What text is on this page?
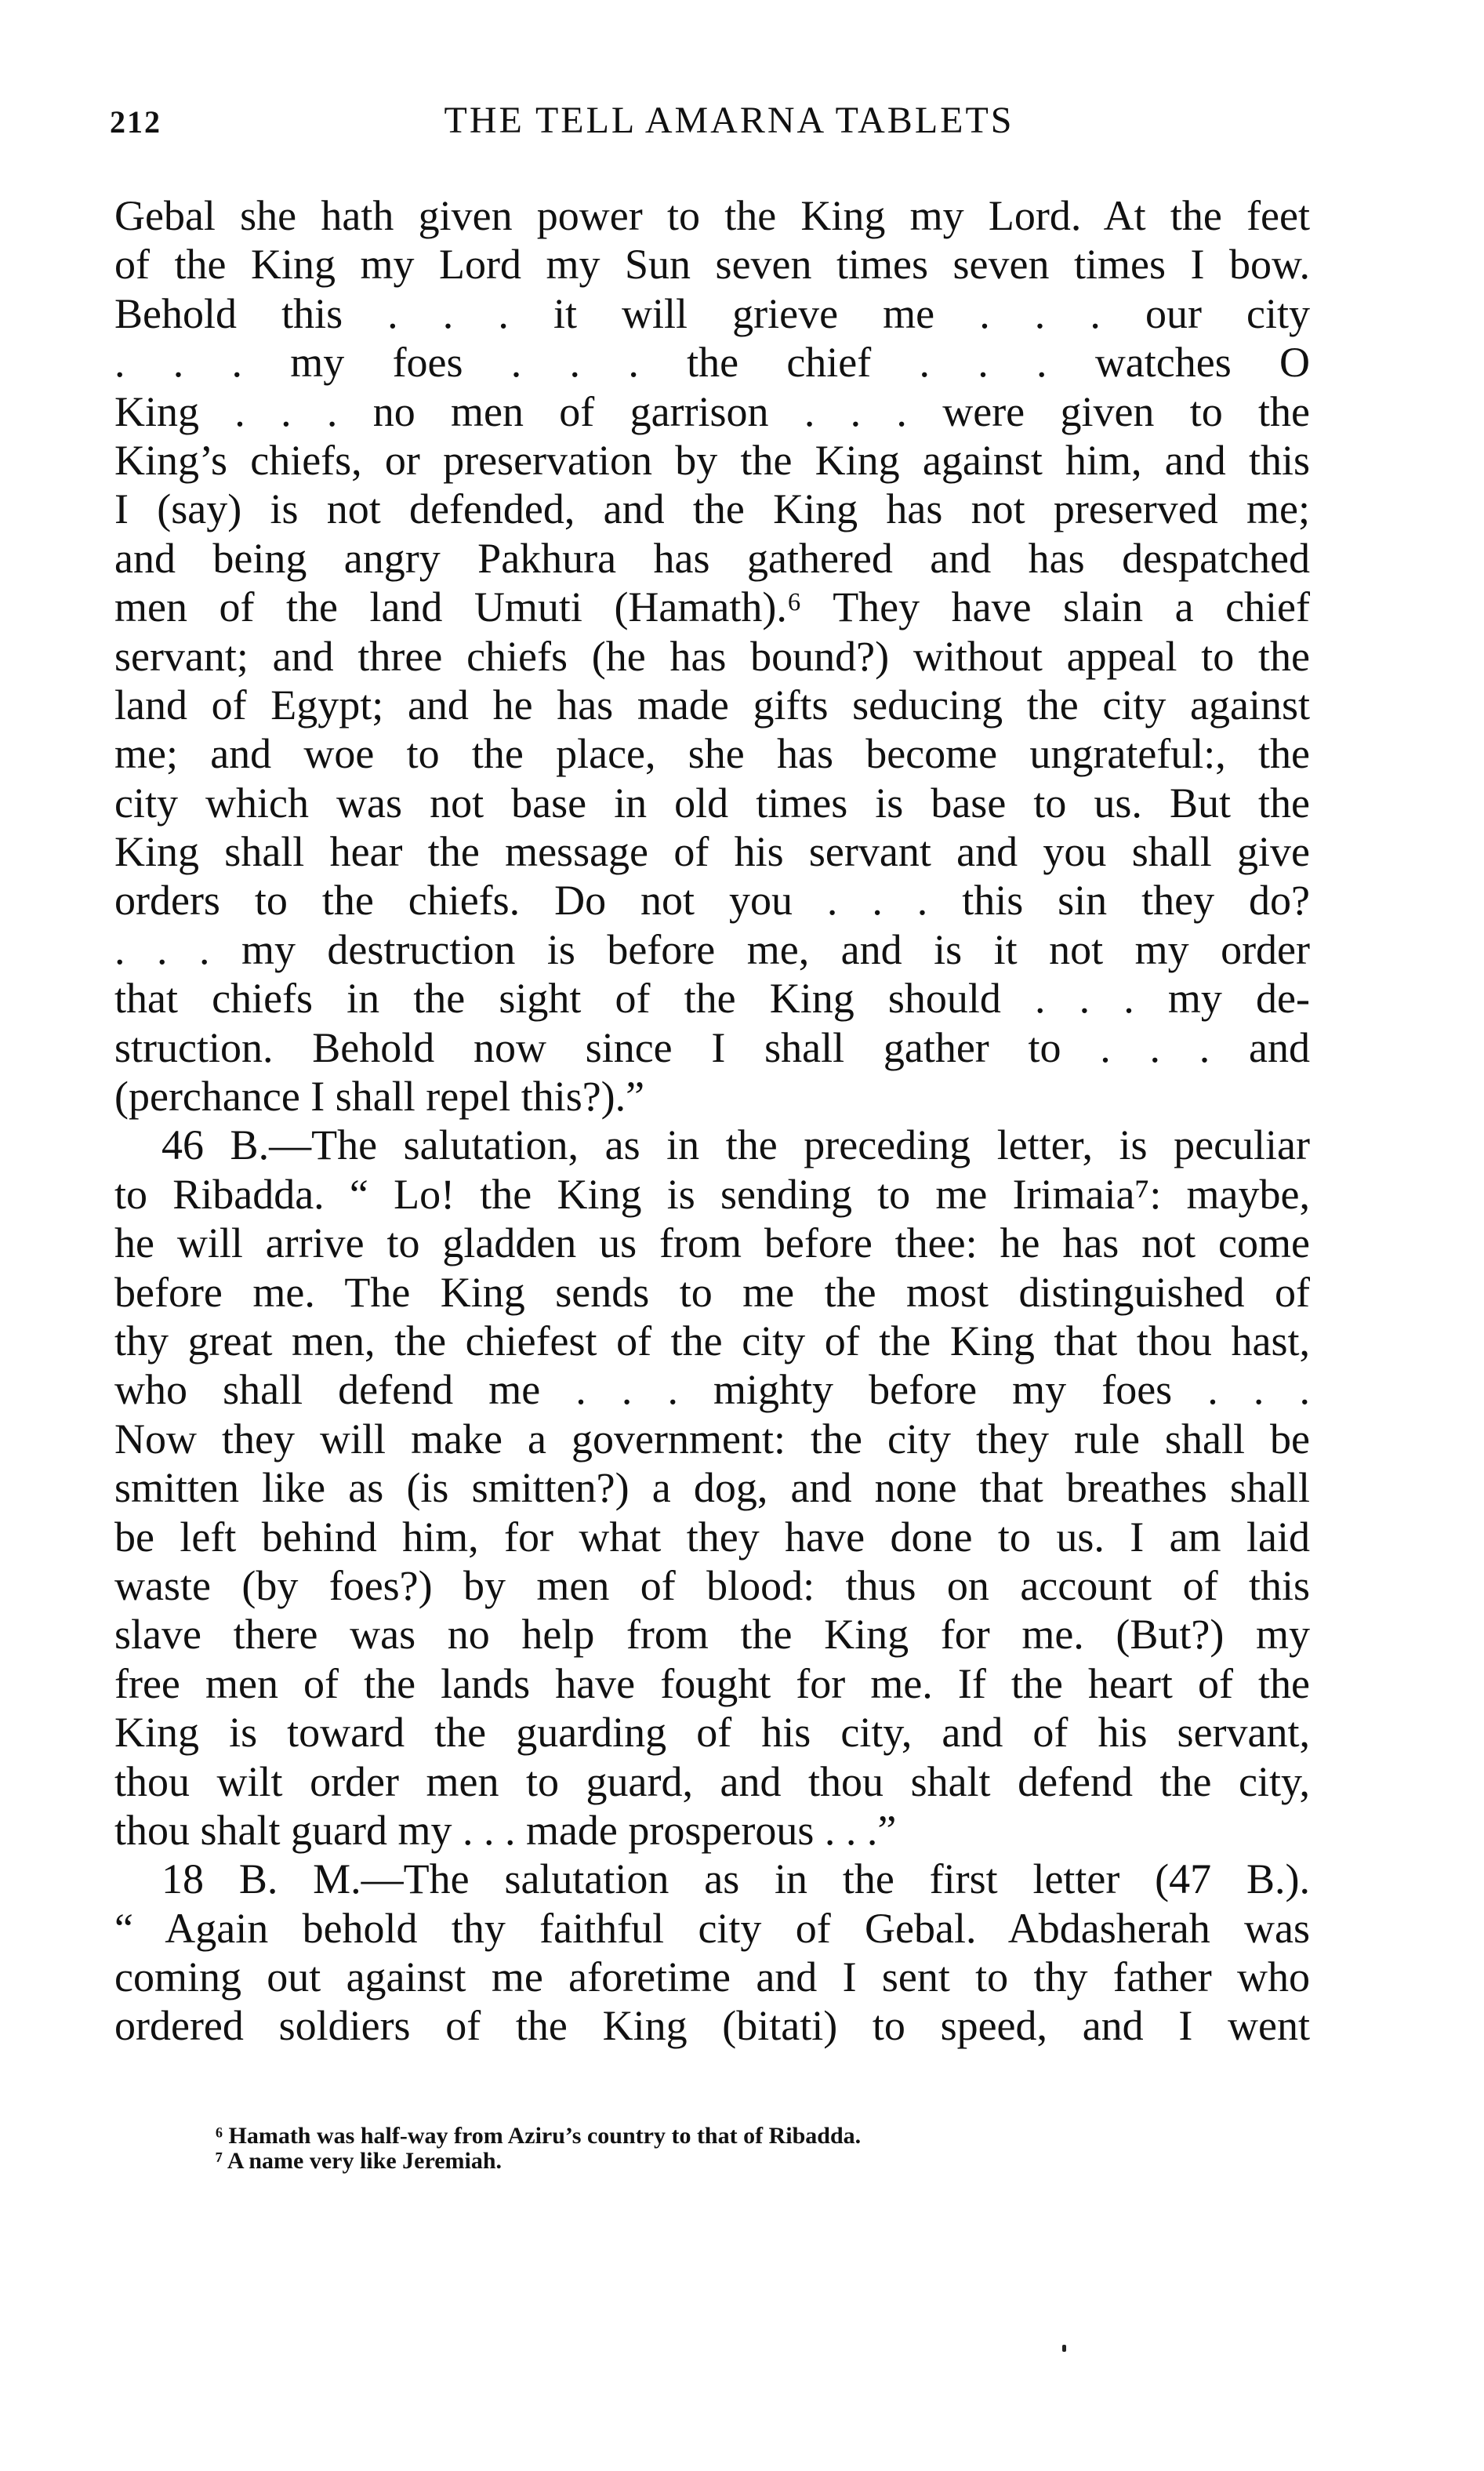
212	THE TELL AMARNA TABLETS
Gebal she hath given power to the King my Lord. At the feet
of the King my Lord my Sun seven times seven times I bow.
Behold this . . . it will grieve me . . . our city
. . . my foes . . . the chief . . . watches O
King . . . no men of garrison . . . were given to the
King’s chiefs, or preservation by the King against him, and this
I (say) is not defended, and the King has not preserved me;
and being angry Pakhura has gathered and has despatched
men of the land Umuti (Hamath).⁶ They have slain a chief
servant; and three chiefs (he has bound?) without appeal to the
land of Egypt; and he has made gifts seducing the city against
me; and woe to the place, she has become ungrateful:, the
city which was not base in old times is base to us. But the
King shall hear the message of his servant and you shall give
orders to the chiefs. Do not you . . . this sin they do?
. . . my destruction is before me, and is it not my order
that chiefs in the sight of the King should . . . my de-
struction. Behold now since I shall gather to . . . and
(perchance I shall repel this?).”
46 B.—The salutation, as in the preceding letter, is peculiar
to Ribadda. “ Lo! the King is sending to me Irimaia⁷: maybe,
he will arrive to gladden us from before thee: he has not come
before me. The King sends to me the most distinguished of
thy great men, the chiefest of the city of the King that thou hast,
who shall defend me . . . mighty before my foes . . .
Now they will make a government: the city they rule shall be
smitten like as (is smitten?) a dog, and none that breathes shall
be left behind him, for what they have done to us. I am laid
waste (by foes?) by men of blood: thus on account of this
slave there was no help from the King for me. (But?) my
free men of the lands have fought for me. If the heart of the
King is toward the guarding of his city, and of his servant,
thou wilt order men to guard, and thou shalt defend the city,
thou shalt guard my . . . made prosperous . . .”
18 B. M.—The salutation as in the first letter (47 B.).
“ Again behold thy faithful city of Gebal. Abdasherah was
coming out against me aforetime and I sent to thy father who
ordered soldiers of the King (bitati) to speed, and I went
⁶ Hamath was half-way from Aziru’s country to that of Ribadda.
⁷ A name very like Jeremiah.
